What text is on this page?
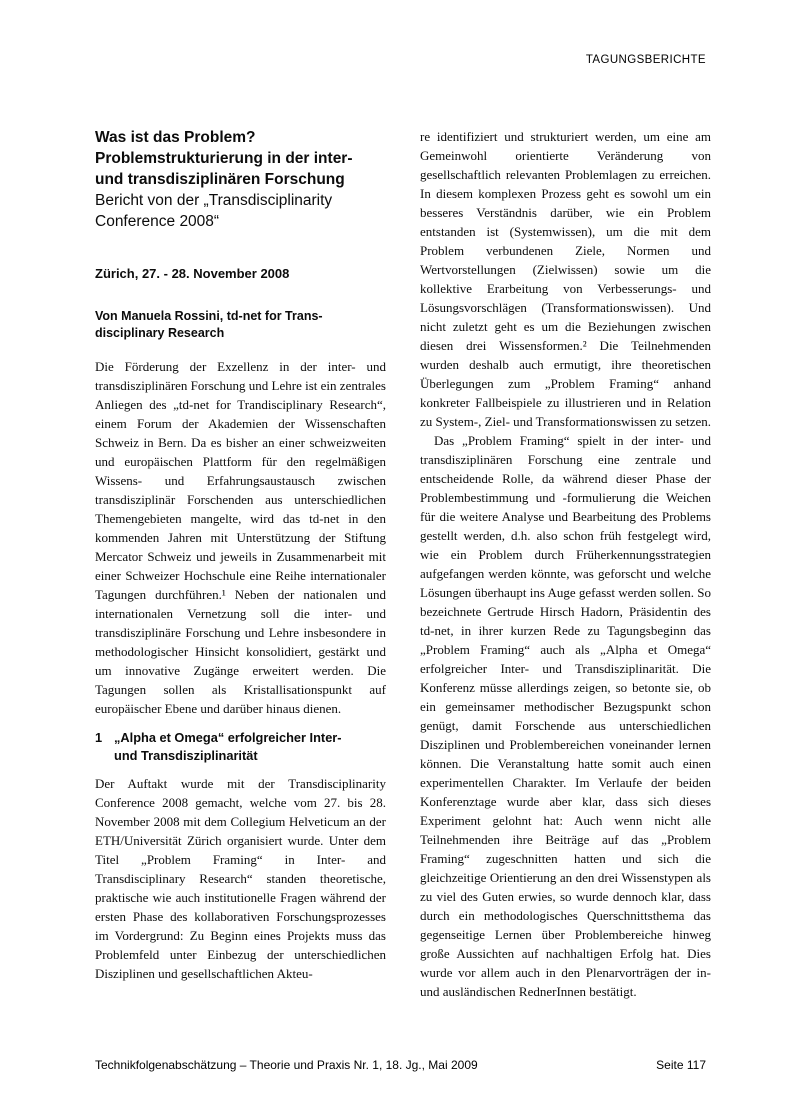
TAGUNGSBERICHTE
Was ist das Problem? Problemstrukturierung in der inter- und transdisziplinären Forschung
Bericht von der „Transdisciplinarity Conference 2008“
Zürich, 27. - 28. November 2008
Von Manuela Rossini, td-net for Trans-disciplinary Research

Die Förderung der Exzellenz in der inter- und transdisziplinären Forschung und Lehre ist ein zentrales Anliegen des „td-net for Trandisciplinary Research“, einem Forum der Akademien der Wissenschaften Schweiz in Bern. Da es bisher an einer schweizweiten und europäischen Plattform für den regelmäßigen Wissens- und Erfahrungsaustausch zwischen transdisziplinär Forschenden aus unterschiedlichen Themengebieten mangelte, wird das td-net in den kommenden Jahren mit Unterstützung der Stiftung Mercator Schweiz und jeweils in Zusammenarbeit mit einer Schweizer Hochschule eine Reihe internationaler Tagungen durchführen.¹ Neben der nationalen und internationalen Vernetzung soll die inter- und transdisziplinäre Forschung und Lehre insbesondere in methodologischer Hinsicht konsolidiert, gestärkt und um innovative Zugänge erweitert werden. Die Tagungen sollen als Kristallisationspunkt auf europäischer Ebene und darüber hinaus dienen.

1 „Alpha et Omega“ erfolgreicher Inter- und Transdisziplinarität

Der Auftakt wurde mit der Transdisciplinarity Conference 2008 gemacht, welche vom 27. bis 28. November 2008 mit dem Collegium Helveticum an der ETH/Universität Zürich organisiert wurde. Unter dem Titel „Problem Framing“ in Inter- and Transdisciplinary Research“ standen theoretische, praktische wie auch institutionelle Fragen während der ersten Phase des kollaborativen Forschungsprozesses im Vordergrund: Zu Beginn eines Projekts muss das Problemfeld unter Einbezug der unterschiedlichen Disziplinen und gesellschaftlichen Akteu-

re identifiziert und strukturiert werden, um eine am Gemeinwohl orientierte Veränderung von gesellschaftlich relevanten Problemlagen zu erreichen. In diesem komplexen Prozess geht es sowohl um ein besseres Verständnis darüber, wie ein Problem entstanden ist (Systemwissen), um die mit dem Problem verbundenen Ziele, Normen und Wertvorstellungen (Zielwissen) sowie um die kollektive Erarbeitung von Verbesserungs- und Lösungsvorschlägen (Transformationswissen). Und nicht zuletzt geht es um die Beziehungen zwischen diesen drei Wissensformen.² Die Teilnehmenden wurden deshalb auch ermutigt, ihre theoretischen Überlegungen zum „Problem Framing“ anhand konkreter Fallbeispiele zu illustrieren und in Relation zu System-, Ziel- und Transformationswissen zu setzen.

Das „Problem Framing“ spielt in der inter- und transdisziplinären Forschung eine zentrale und entscheidende Rolle, da während dieser Phase der Problembestimmung und -formulierung die Weichen für die weitere Analyse und Bearbeitung des Problems gestellt werden, d.h. also schon früh festgelegt wird, wie ein Problem durch Früherkennungsstrategien aufgefangen werden könnte, was geforscht und welche Lösungen überhaupt ins Auge gefasst werden sollen. So bezeichnete Gertrude Hirsch Hadorn, Präsidentin des td-net, in ihrer kurzen Rede zu Tagungsbeginn das „Problem Framing“ auch als „Alpha et Omega“ erfolgreicher Inter- und Transdisziplinarität. Die Konferenz müsse allerdings zeigen, so betonte sie, ob ein gemeinsamer methodischer Bezugspunkt schon genügt, damit Forschende aus unterschiedlichen Disziplinen und Problembereichen voneinander lernen können. Die Veranstaltung hatte somit auch einen experimentellen Charakter. Im Verlaufe der beiden Konferenztage wurde aber klar, dass sich dieses Experiment gelohnt hat: Auch wenn nicht alle Teilnehmenden ihre Beiträge auf das „Problem Framing“ zugeschnitten hatten und sich die gleichzeitige Orientierung an den drei Wissenstypen als zu viel des Guten erwies, so wurde dennoch klar, dass durch ein methodologisches Querschnittsthema das gegenseitige Lernen über Problembereiche hinweg große Aussichten auf nachhaltigen Erfolg hat. Dies wurde vor allem auch in den Plenarvorträgen der in- und ausländischen RednerInnen bestätigt.

Technikfolgenabschätzung – Theorie und Praxis Nr. 1, 18. Jg., Mai 2009	Seite 117
